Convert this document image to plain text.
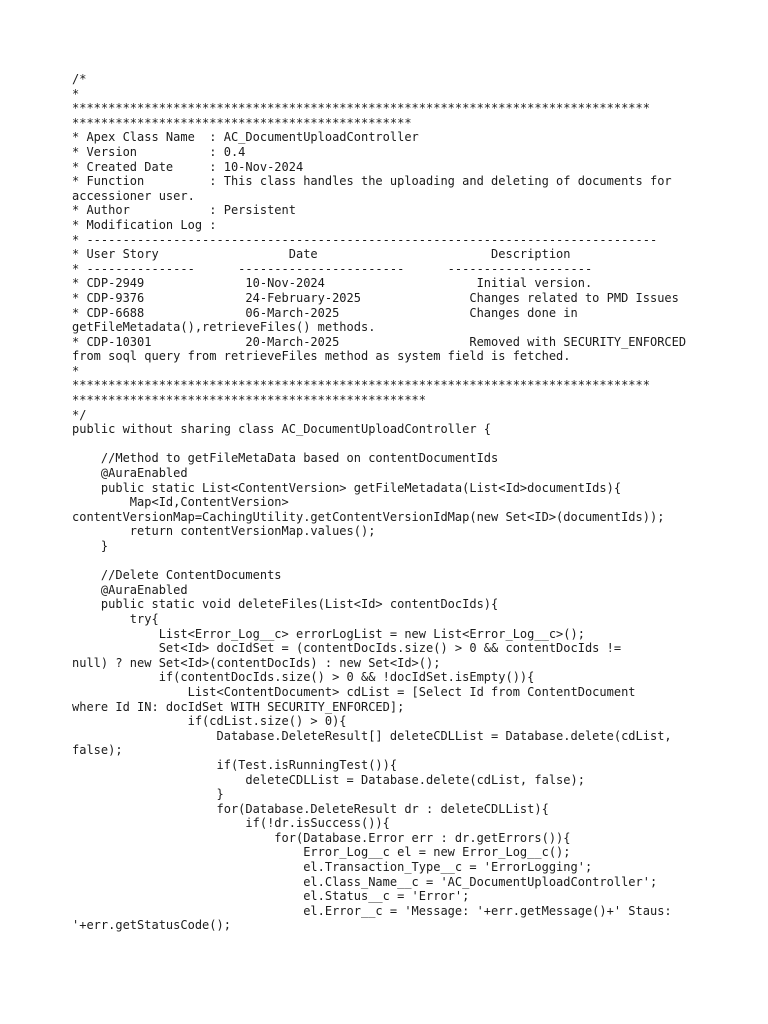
/*
*
********************************************************************************
***********************************************
* Apex Class Name  : AC_DocumentUploadController
* Version          : 0.4
* Created Date     : 10-Nov-2024
* Function         : This class handles the uploading and deleting of documents for
accessioner user.
* Author           : Persistent
* Modification Log :
* -------------------------------------------------------------------------------
* User Story                  Date                        Description
* ---------------      -----------------------      --------------------
* CDP-2949              10-Nov-2024                     Initial version.
* CDP-9376              24-February-2025               Changes related to PMD Issues
* CDP-6688              06-March-2025                  Changes done in
getFileMetadata(),retrieveFiles() methods.
* CDP-10301             20-March-2025                  Removed with SECURITY_ENFORCED
from soql query from retrieveFiles method as system field is fetched.
*
********************************************************************************
*************************************************
*/
public without sharing class AC_DocumentUploadController {
//Method to getFileMetaData based on contentDocumentIds
@AuraEnabled
public static List<ContentVersion> getFileMetadata(List<Id>documentIds){
Map<Id,ContentVersion>
contentVersionMap=CachingUtility.getContentVersionIdMap(new Set<ID>(documentIds));
return contentVersionMap.values();
}
//Delete ContentDocuments
@AuraEnabled
public static void deleteFiles(List<Id> contentDocIds){
try{
List<Error_Log__c> errorLogList = new List<Error_Log__c>();
Set<Id> docIdSet = (contentDocIds.size() > 0 && contentDocIds !=
null) ? new Set<Id>(contentDocIds) : new Set<Id>();
if(contentDocIds.size() > 0 && !docIdSet.isEmpty()){
List<ContentDocument> cdList = [Select Id from ContentDocument
where Id IN: docIdSet WITH SECURITY_ENFORCED];
if(cdList.size() > 0){
Database.DeleteResult[] deleteCDLList = Database.delete(cdList,
false);
if(Test.isRunningTest()){
deleteCDLList = Database.delete(cdList, false);
}
for(Database.DeleteResult dr : deleteCDLList){
if(!dr.isSuccess()){
for(Database.Error err : dr.getErrors()){
Error_Log__c el = new Error_Log__c();
el.Transaction_Type__c = 'ErrorLogging';
el.Class_Name__c = 'AC_DocumentUploadController';
el.Status__c = 'Error';
el.Error__c = 'Message: '+err.getMessage()+' Staus:
'+err.getStatusCode();
